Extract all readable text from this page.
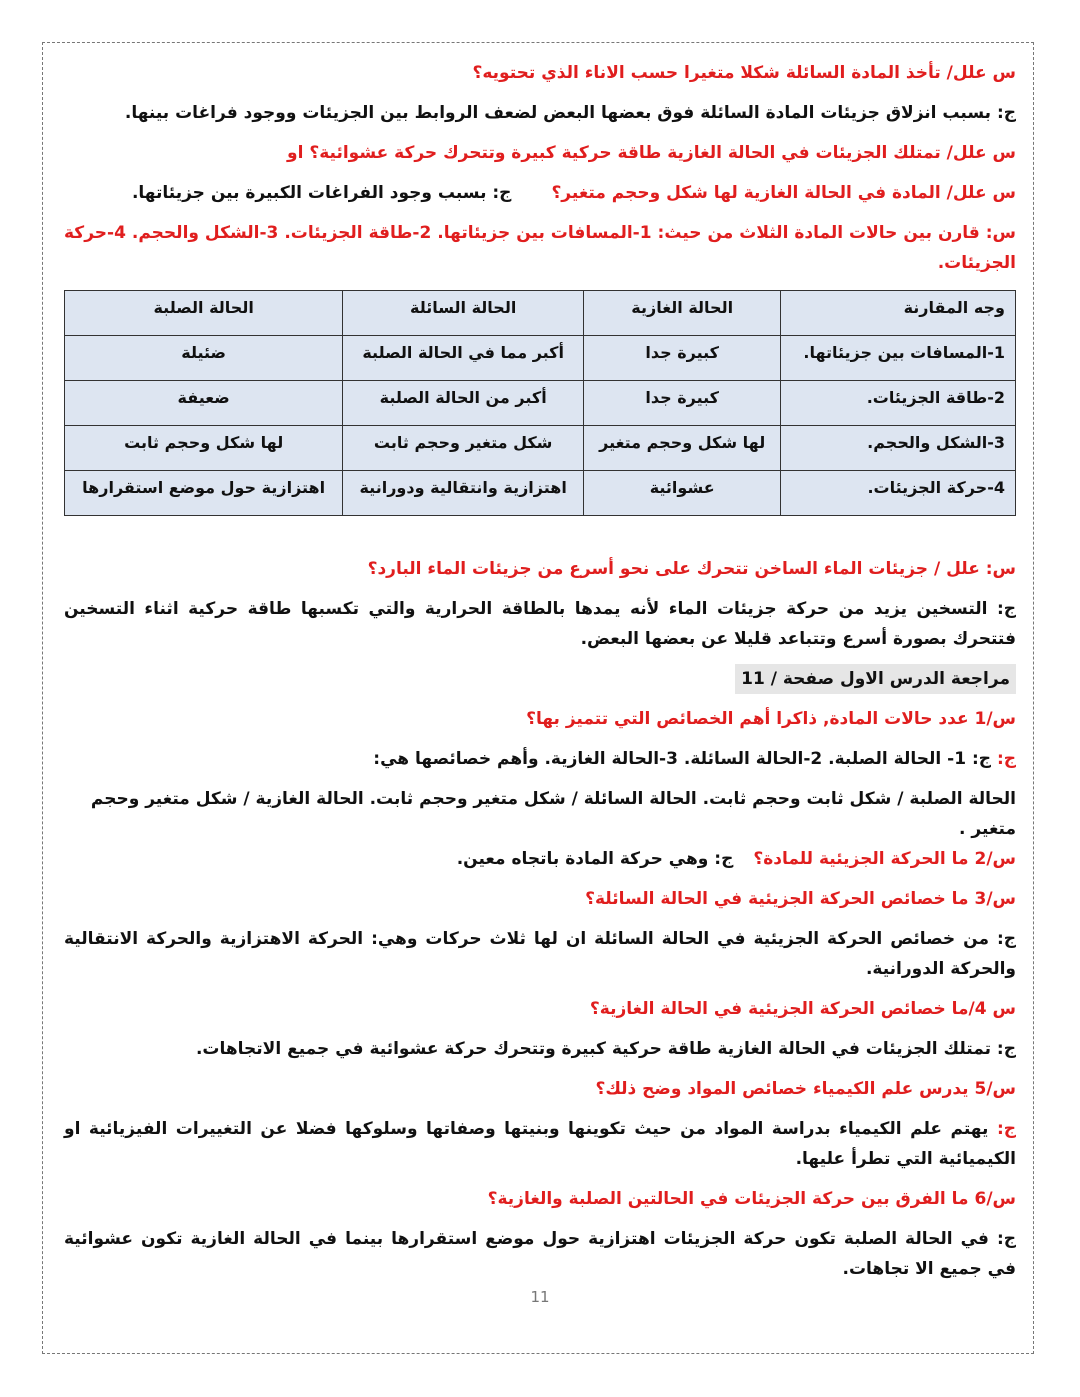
س علل/ تأخذ المادة السائلة شكلا متغيرا حسب الاناء الذي تحتويه؟

ج: بسبب انزلاق جزيئات المادة السائلة فوق بعضها البعض لضعف الروابط بين الجزيئات ووجود فراغات بينها.

س علل/ تمتلك الجزيئات في الحالة الغازية طاقة حركية كبيرة وتتحرك حركة عشوائية؟ او

س علل/ المادة في الحالة الغازية لها شكل وحجم متغير؟ج: بسبب وجود الفراغات الكبيرة بين جزيئاتها.

س: قارن بين حالات المادة الثلاث من حيث: 1-المسافات بين جزيئاتها. 2-طاقة الجزيئات. 3-الشكل والحجم. 4-حركة الجزيئات.

وجه المقارنة	الحالة الغازية	الحالة السائلة	الحالة الصلبة
1-المسافات بين جزيئاتها.	كبيرة جدا	أكبر مما في الحالة الصلبة	ضئيلة
2-طاقة الجزيئات.	كبيرة جدا	أكبر من الحالة الصلبة	ضعيفة
3-الشكل والحجم.	لها شكل وحجم متغير	شكل متغير وحجم ثابت	لها شكل وحجم ثابت
4-حركة الجزيئات.	عشوائية	اهتزازية وانتقالية ودورانية	اهتزازية حول موضع استقرارها

س: علل / جزيئات الماء الساخن تتحرك على نحو أسرع من جزيئات الماء البارد؟

ج: التسخين يزيد من حركة جزيئات الماء لأنه يمدها بالطاقة الحرارية والتي تكسبها طاقة حركية اثناء التسخين فتتحرك بصورة أسرع وتتباعد قليلا عن بعضها البعض.

مراجعة الدرس الاول صفحة / 11

س/1 عدد حالات المادة, ذاكرا أهم الخصائص التي تتميز بها؟

ج: ج: 1- الحالة الصلبة. 2-الحالة السائلة. 3-الحالة الغازية. وأهم خصائصها هي:

الحالة الصلبة / شكل ثابت وحجم ثابت. الحالة السائلة / شكل متغير وحجم ثابت. الحالة الغازية / شكل متغير وحجم متغير .

س/2 ما الحركة الجزيئية للمادة؟ج: وهي حركة المادة باتجاه معين.

س/3 ما خصائص الحركة الجزيئية في الحالة السائلة؟

ج: من خصائص الحركة الجزيئية في الحالة السائلة ان لها ثلاث حركات وهي: الحركة الاهتزازية والحركة الانتقالية والحركة الدورانية.

س 4/ما خصائص الحركة الجزيئية في الحالة الغازية؟

ج: تمتلك الجزيئات في الحالة الغازية طاقة حركية كبيرة وتتحرك حركة عشوائية في جميع الاتجاهات.

س/5 يدرس علم الكيمياء خصائص المواد وضح ذلك؟

ج: يهتم علم الكيمياء بدراسة المواد من حيث تكوينها وبنيتها وصفاتها وسلوكها فضلا عن التغييرات الفيزيائية او الكيميائية التي تطرأ عليها.

س/6 ما الفرق بين حركة الجزيئات في الحالتين الصلبة والغازية؟

ج: في الحالة الصلبة تكون حركة الجزيئات اهتزازية حول موضع استقرارها بينما في الحالة الغازية تكون عشوائية في جميع الا تجاهات.

11
